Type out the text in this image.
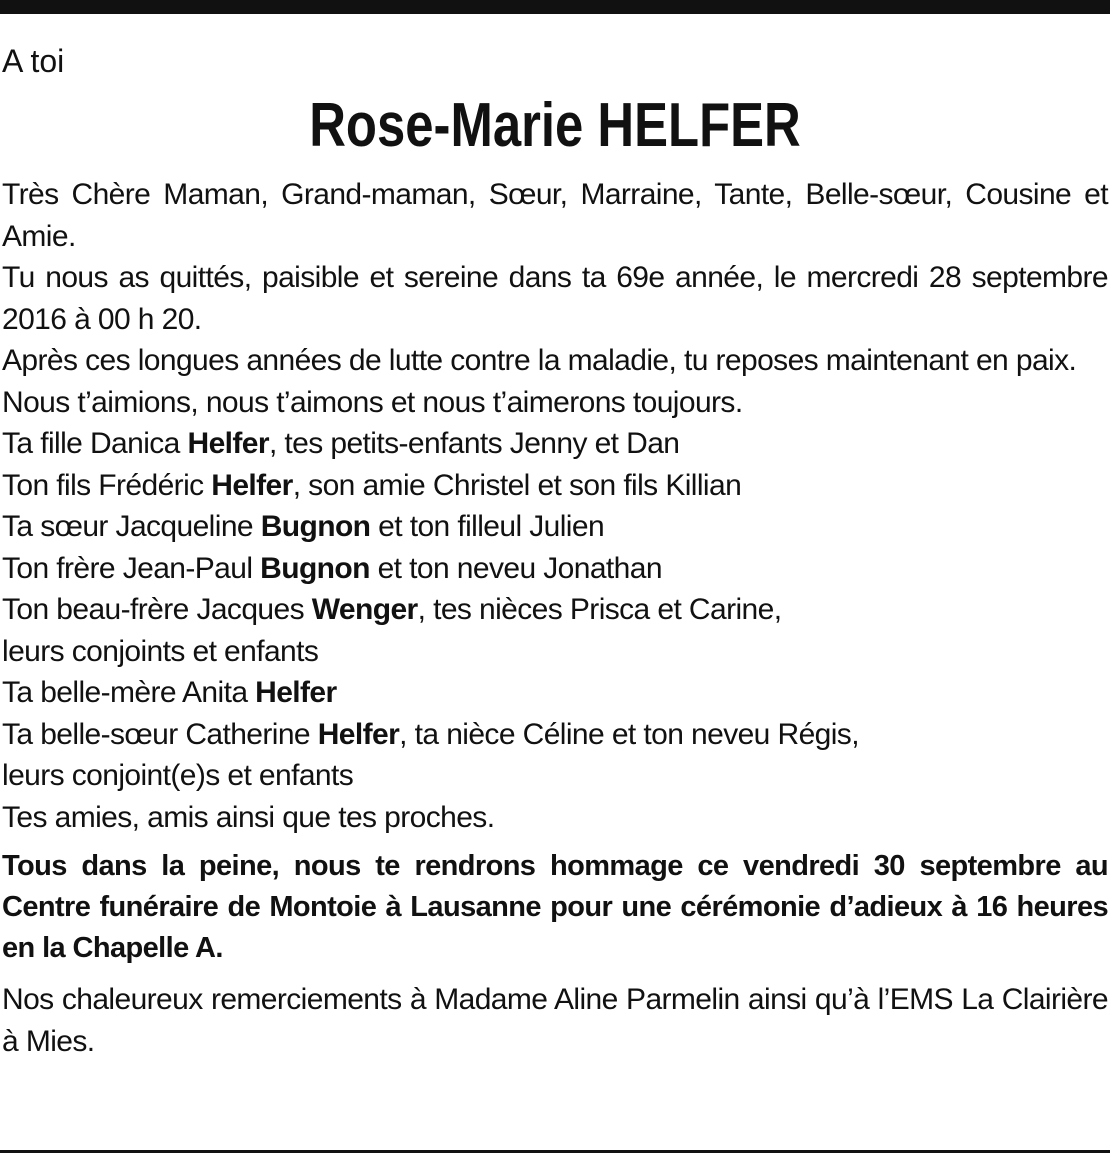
A toi
Rose-Marie HELFER

Très Chère Maman, Grand-maman, Sœur, Marraine, Tante, Belle-sœur, Cousine et Amie.

Tu nous as quittés, paisible et sereine dans ta 69e année, le mercredi 28 septembre 2016 à 00 h 20.

Après ces longues années de lutte contre la maladie, tu reposes maintenant en paix.

Nous t’aimions, nous t’aimons et nous t’aimerons toujours.

Ta fille Danica Helfer, tes petits-enfants Jenny et Dan

Ton fils Frédéric Helfer, son amie Christel et son fils Killian

Ta sœur Jacqueline Bugnon et ton filleul Julien

Ton frère Jean-Paul Bugnon et ton neveu Jonathan

Ton beau-frère Jacques Wenger, tes nièces Prisca et Carine,

leurs conjoints et enfants

Ta belle-mère Anita Helfer

Ta belle-sœur Catherine Helfer, ta nièce Céline et ton neveu Régis,

leurs conjoint(e)s et enfants

Tes amies, amis ainsi que tes proches.

Tous dans la peine, nous te rendrons hommage ce vendredi 30 septembre au Centre funéraire de Montoie à Lausanne pour une cérémonie d’adieux à 16 heures en la Chapelle A.
Nos chaleureux remerciements à Madame Aline Parmelin ainsi qu’à l’EMS La Clairière à Mies.
